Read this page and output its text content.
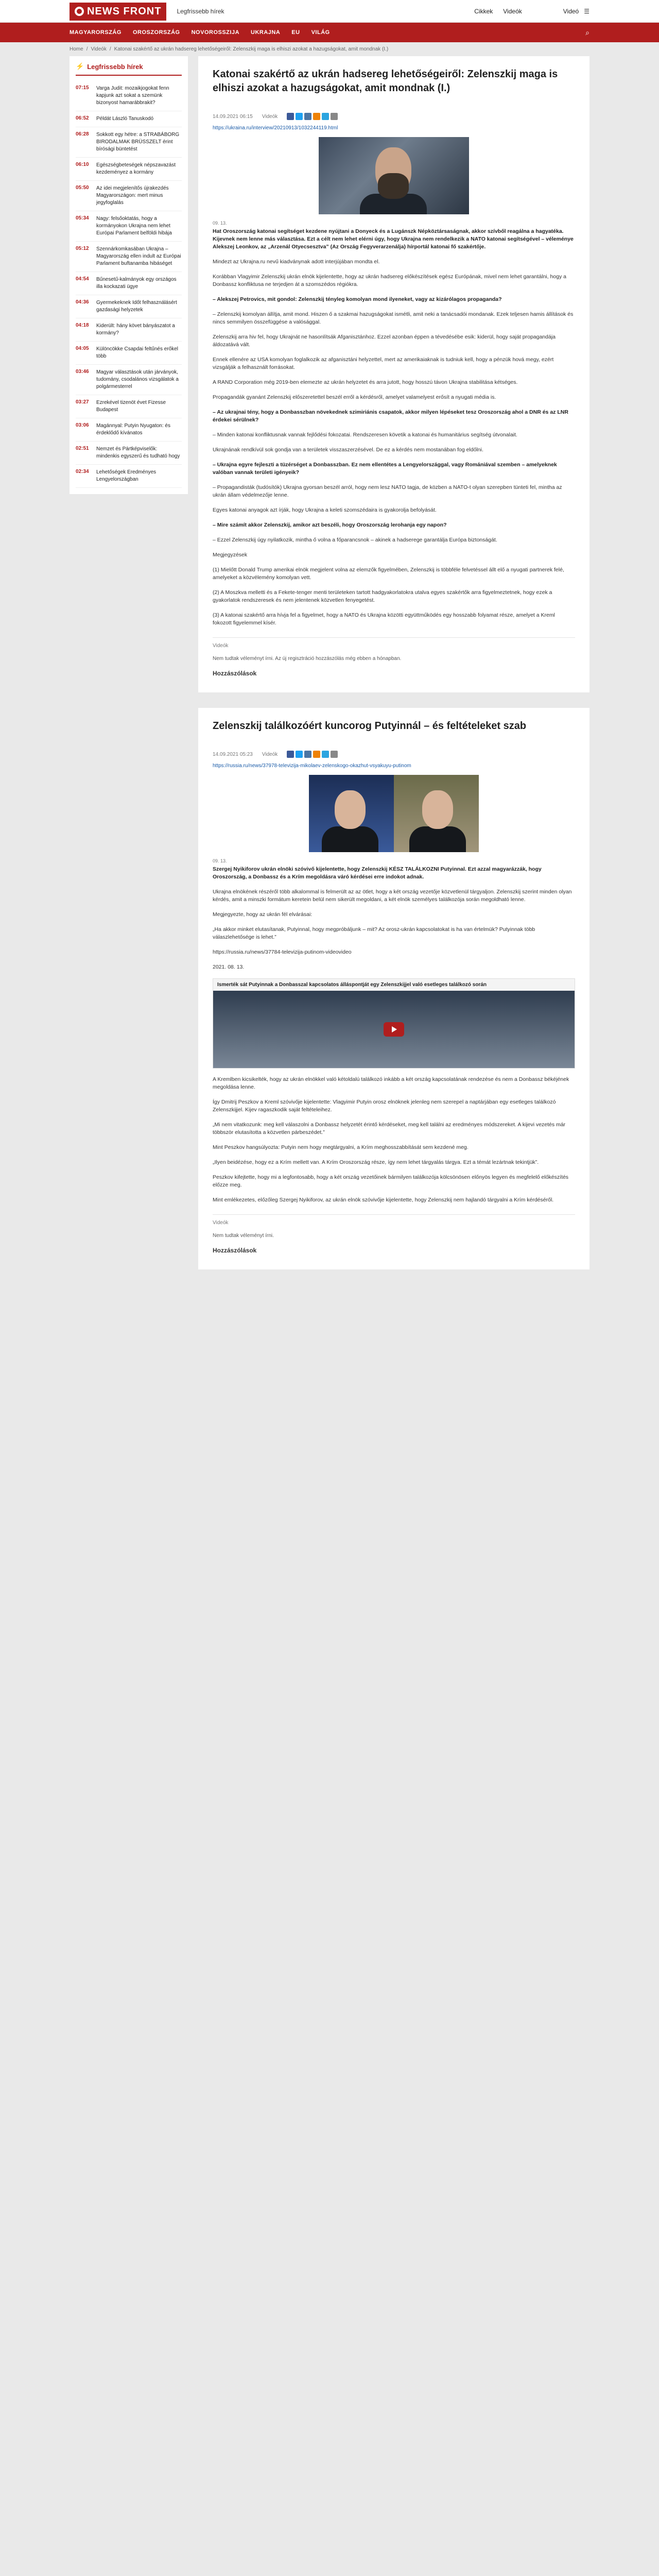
NEWS FRONT	Legfrissebb hírek	Cikkek Videók	Videó ☰
MAGYARORSZÁG	OROSZORSZÁG	NOVOROSSZIJA	UKRAJNA	EU	VILÁG	⌕
Home / Videók / Katonai szakértő az ukrán hadsereg lehetőségeiről: Zelenszkij maga is elhiszi azokat a hazugságokat, amit mondnak (I.)
⚡ Legfrissebb hírek
07:15	Varga Judit: mozaikjogokat fenn kapjunk azt sokat a szemünk bizonyost hamarábbrakit?
06:52	Példát László Tanuskodó
06:28	Sokkott egy hétre: a STRABÁBORG BIRODALMAK BRÜSSZELT érint bírósági büntetést
06:10	Egészségbeteségek népszavazást kezdeményez a kormány
05:50	Az idei megjelenítős újrakezdés Magyarországon: mert minus jegyfoglalás
05:34	Nagy: felsőoktatás, hogy a kormányokon Ukrajna nem lehet Európai Parlament belföldi hibája
05:12	Szennárkomkasában Ukrajna – Magyarország ellen indult az Európai Parlament buftanamba hibáséget
04:54	Bűnesetű-kalmányok egy országos illa kockazati ügye
04:36	Gyermekeknek Időt felhasználásért gazdasági helyzetek
04:18	Kiderült: hány követ bányászatot a kormány?
04:05	Különcökke Csapdai feltűnés erőkel több
03:46	Magyar választások után járványok, tudomány, csodalános vizsgálatok a polgármesterrel
03:27	Ezrekével tizenöt évet Fizesse Budapest
03:06	Magánnyal: Putyin Nyugaton: és érdeklődő kívánatos
02:51	Nemzet és Pártképviselők: mindenkis egyszerű és tudható hogy
02:34	Lehetőségek Eredményes Lengyelországban
Katonai szakértő az ukrán hadsereg lehetőségeiről: Zelenszkij maga is elhiszi azokat a hazugságokat, amit mondnak (I.)
14.09.2021 06:15 Videók
https://ukraina.ru/interview/20210913/1032244119.html
09. 13.

Hat Oroszország katonai segítséget kezdene nyújtani a Donyeck és a Lugánszk Népköztársaságnak, akkor szívből reagálna a hagyatéka. Kijevnek nem lenne más választása. Ezt a célt nem lehet elérni úgy, hogy Ukrajna nem rendelkezik a NATO katonai segítségével – véleménye Alekszej Leonkov, az „Arzenál Otyecsesztva” (Az Ország Fegyverarzenálja) hírportál katonai fő szakértője.

Mindezt az Ukrajna.ru nevű kiadványnak adott interjújában mondta el.

Korábban Vlagyimir Zelenszkij ukrán elnök kijelentette, hogy az ukrán hadsereg előkészítések egész Európának, mivel nem lehet garantálni, hogy a Donbassz konfliktusa ne terjedjen át a szomszédos régiókra.

– Alekszej Petrovics, mit gondol: Zelenszkij tényleg komolyan mond ilyeneket, vagy az kizárólagos propaganda?

– Zelenszkij komolyan állítja, amit mond. Hiszen ő a szakmai hazugságokat ismétli, amit neki a tanácsadói mondanak. Ezek teljesen hamis állítások és nincs semmilyen összefüggése a valósággal.

Zelenszkij arra hiv fel, hogy Ukrajnát ne hasonlítsák Afganisztánhoz. Ezzel azonban éppen a tévedésébe esik: kiderül, hogy saját propagandája áldozatává vált.

Ennek ellenére az USA komolyan foglalkozik az afganisztáni helyzettel, mert az amerikaiaknak is tudniuk kell, hogy a pénzük hová megy, ezért vizsgálják a felhasznált forrásokat.

A RAND Corporation még 2019-ben elemezte az ukrán helyzetet és arra jutott, hogy hosszú távon Ukrajna stabilitása kétséges.

Propagandák gyanánt Zelenszkij előszeretettel beszél erről a kérdésről, amelyet valamelyest erősít a nyugati média is.

– Az ukrajnai tény, hogy a Donbasszban növekednek szimiriánis csapatok, akkor milyen lépéseket tesz Oroszország ahol a DNR és az LNR érdekei sérülnek?

– Minden katonai konfliktusnak vannak fejlődési fokozatai. Rendszeresen követik a katonai és humanitárius segítség útvonalait.

Ukrajnának rendkívül sok gondja van a területek visszaszerzésével. De ez a kérdés nem mostanában fog eldőlni.

– Ukrajna egyre fejleszti a tüzérséget a Donbasszban. Ez nem ellentétes a Lengyelországgal, vagy Romániával szemben – amelyeknek valóban vannak területi igényeik?

– Propagandisták (tudósítók) Ukrajna gyorsan beszél arról, hogy nem lesz NATO tagja, de közben a NATO-t olyan szerepben tünteti fel, mintha az ukrán állam védelmezője lenne.

Egyes katonai anyagok azt írják, hogy Ukrajna a keleti szomszédaira is gyakorolja befolyását.

– Mire számít akkor Zelenszkij, amikor azt beszéli, hogy Oroszország lerohanja egy napon?

– Ezzel Zelenszkij úgy nyilatkozik, mintha ő volna a főparancsnok – akinek a hadserege garantálja Európa biztonságát.

Megjegyzések

(1) Mielőtt Donald Trump amerikai elnök megjelent volna az elemzők figyelmében, Zelenszkij is többféle felvetéssel állt elő a nyugati partnerek felé, amelyeket a közvélemény komolyan vett.

(2) A Moszkva melletti és a Fekete-tenger menti területeken tartott hadgyakorlatokra utalva egyes szakértők arra figyelmeztetnek, hogy ezek a gyakorlatok rendszeresek és nem jelentenek közvetlen fenyegetést.

(3) A katonai szakértő arra hívja fel a figyelmet, hogy a NATO és Ukrajna közötti együttműködés egy hosszabb folyamat része, amelyet a Kreml fokozott figyelemmel kísér.

Videók
Nem tudtak véleményt írni. Az új regisztráció hozzászólás még ebben a hónapban.
Hozzászólások
Zelenszkij találkozóért kuncorog Putyinnál – és feltételeket szab
14.09.2021 05:23 Videók
https://russia.ru/news/37978-televizija-mikolaev-zelenskogo-okazhut-vsyakuyu-putinom
09. 13.

Szergej Nyikiforov ukrán elnöki szóvivő kijelentette, hogy Zelenszkij KÉSZ TALÁLKOZNI Putyinnal. Ezt azzal magyarázzák, hogy Oroszország, a Donbassz és a Krím megoldásra váró kérdései erre indokot adnak.

Ukrajna elnökének részéről több alkalommal is felmerült az az ötlet, hogy a két ország vezetője közvetlenül tárgyaljon. Zelenszkij szerint minden olyan kérdés, amit a minszki formátum keretein belül nem sikerült megoldani, a két elnök személyes találkozója során megoldható lenne.

Megjegyezte, hogy az ukrán fél elvárásai:

„Ha akkor minket elutasítanak, Putyinnal, hogy megpróbáljunk – mit? Az orosz-ukrán kapcsolatokat is ha van értelmük? Putyinnak több válaszlehetősége is lehet.”

https://russia.ru/news/37784-televizija-putinom-videovideo

2021. 08. 13.

Ismerték sát Putyinnak a Donbasszal kapcsolatos álláspontját egy Zelenszkijjel való esetleges találkozó során

A Kremlben kicsikelték, hogy az ukrán elnökkel való kétoldalú találkozó inkább a két ország kapcsolatának rendezése és nem a Donbassz békéjének megoldása lenne.

Így Dmitrij Peszkov a Kreml szóvivője kijelentette: Vlagyimir Putyin orosz elnöknek jelenleg nem szerepel a naptárjában egy esetleges találkozó Zelenszkijjel. Kijev ragaszkodik saját feltételeihez.

„Mi nem vitatkozunk: meg kell válaszolni a Donbassz helyzetét érintő kérdéseket, meg kell találni az eredményes módszereket. A kijevi vezetés már többször elutasította a közvetlen párbeszédet.”

Mint Peszkov hangsúlyozta: Putyin nem hogy megtárgyalni, a Krím meghosszabbítását sem kezdené meg.

„Ilyen beidézése, hogy ez a Krím mellett van. A Krím Oroszország része, így nem lehet tárgyalás tárgya. Ezt a témát lezártnak tekintjük”.

Peszkov kifejtette, hogy mi a legfontosabb, hogy a két ország vezetőinek bármilyen találkozója kölcsönösen előnyös legyen és megfelelő előkészítés előzze meg.

Mint emlékezetes, előzőleg Szergej Nyikiforov, az ukrán elnök szóvivője kijelentette, hogy Zelenszkij nem hajlandó tárgyalni a Krím kérdéséről.

Videók
Nem tudtak véleményt írni.
Hozzászólások
